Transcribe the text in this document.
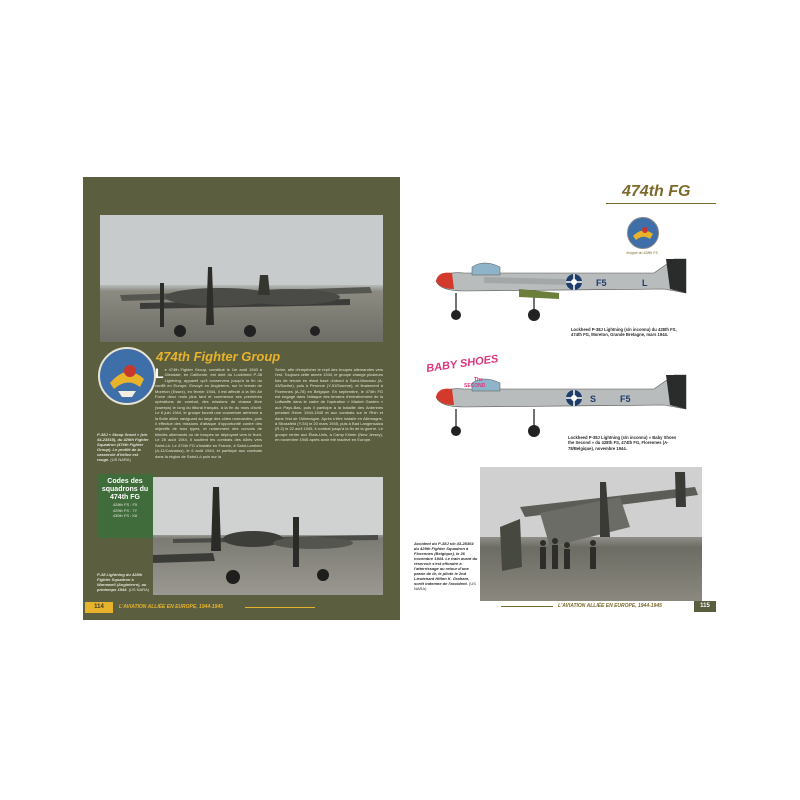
474th Fighter Group
Le 474th Fighter Group, constitué le 1er août 1943 à Glendale, en Californie, est doté du Lockheed P-38 Lightning, appareil qu'il conservera jusqu'à la fin du conflit en Europe. Envoyé en Angleterre, sur le terrain de Moreton (Essex), en février 1944, il est affecté à la 9th Air Force deux mois plus tard et commence ses premières opérations de combat, des missions de chasse libre (sweeps) le long du littoral français, à la fin du mois d'avril. Le 6 juin 1944, le groupe fournit une couverture aérienne à la flotte alliée naviguant au large des côtes normandes, puis il effectue des missions d'attaque d'opportunité contre des objectifs de tous types, et notamment des convois de blindés allemands ou de troupes se déployant vers le front. Le 26 août 1944, il soutient les combats des Alliés vers Saint-Lô. Le 474th FG s'installe en France, à Saint-Lambert (A-11/Calvados), le 6 août 1944, et participe aux combats dans la région de Saint-Lô puis sur la
Seine, afin d'empêcher le repli des troupes allemandes vers l'est. Toujours cette année 1944, le groupe change plusieurs fois de terrain en étant basé d'abord à Saint-Marceau (A-43/Sarthe), puis à Peronne (Y-51/Somme), et finalement à Florennes (A-78) en Belgique. En septembre, le 474th FG est engagé dans l'attaque des terrains d'entraînement de la Luftwaffe dans le cadre de l'opération « Market Garden » aux Pays-Bas, puis il participe à la bataille des Ardennes pendant l'hiver 1944-1945 et aux combats sur le Rhin et dans l'est de l'Allemagne. Après s'être installé en Allemagne, à Strassfeld (Y-54) le 20 mars 1945, puis à Bad Langensalza (R-2) le 22 avril 1945, il combat jusqu'à la fin de la guerre. Le groupe rentre aux États-Unis, à Camp Kilmer (New Jersey), en novembre 1945 après avoir été inactivé en Europe.
P-38J « Stoop Snoot » (s/n 44-23515), du 429th Fighter Squadron (474th Fighter Group). Le profilé de la casserole d'hélice est rouge. (US NARA)
Codes des squadrons du 474th FG
428th FS : F5
429th FS : 7Y
430th FS : K6
P-38 Lightning du 428th Fighter Squadron à Warmwell (Angleterre), au printemps 1944. (US NARA)
114	L'AVIATION ALLIÉE EN EUROPE, 1944-1945
474th FG
Insigne du 428th FS
F5	L
Lockheed P-38J Lightning (s/n inconnu) du 428th FS, 474th FG, Moreton, Grande Bretagne, mars 1944.
S	F5
BABY SHOES
The
SECOND
Lockheed P-38J Lightning (s/n inconnu) « Baby Shoes the Second » du 428th FS, 474th FG, Florennes (A-78/Belgique), novembre 1944.
Accident du P-38J s/n 43-28364 du 429th Fighter Squadron à Florennes (Belgique), le 26 novembre 1944. Le train avant du réservoir s'est effondré à l'atterrissage au retour d'une passe de tir, le pilote le 2nd Lieutenant Hilton K. Graham, sortit indemne de l'accident. (US NARA)
L'AVIATION ALLIÉE EN EUROPE, 1944-1945	115
